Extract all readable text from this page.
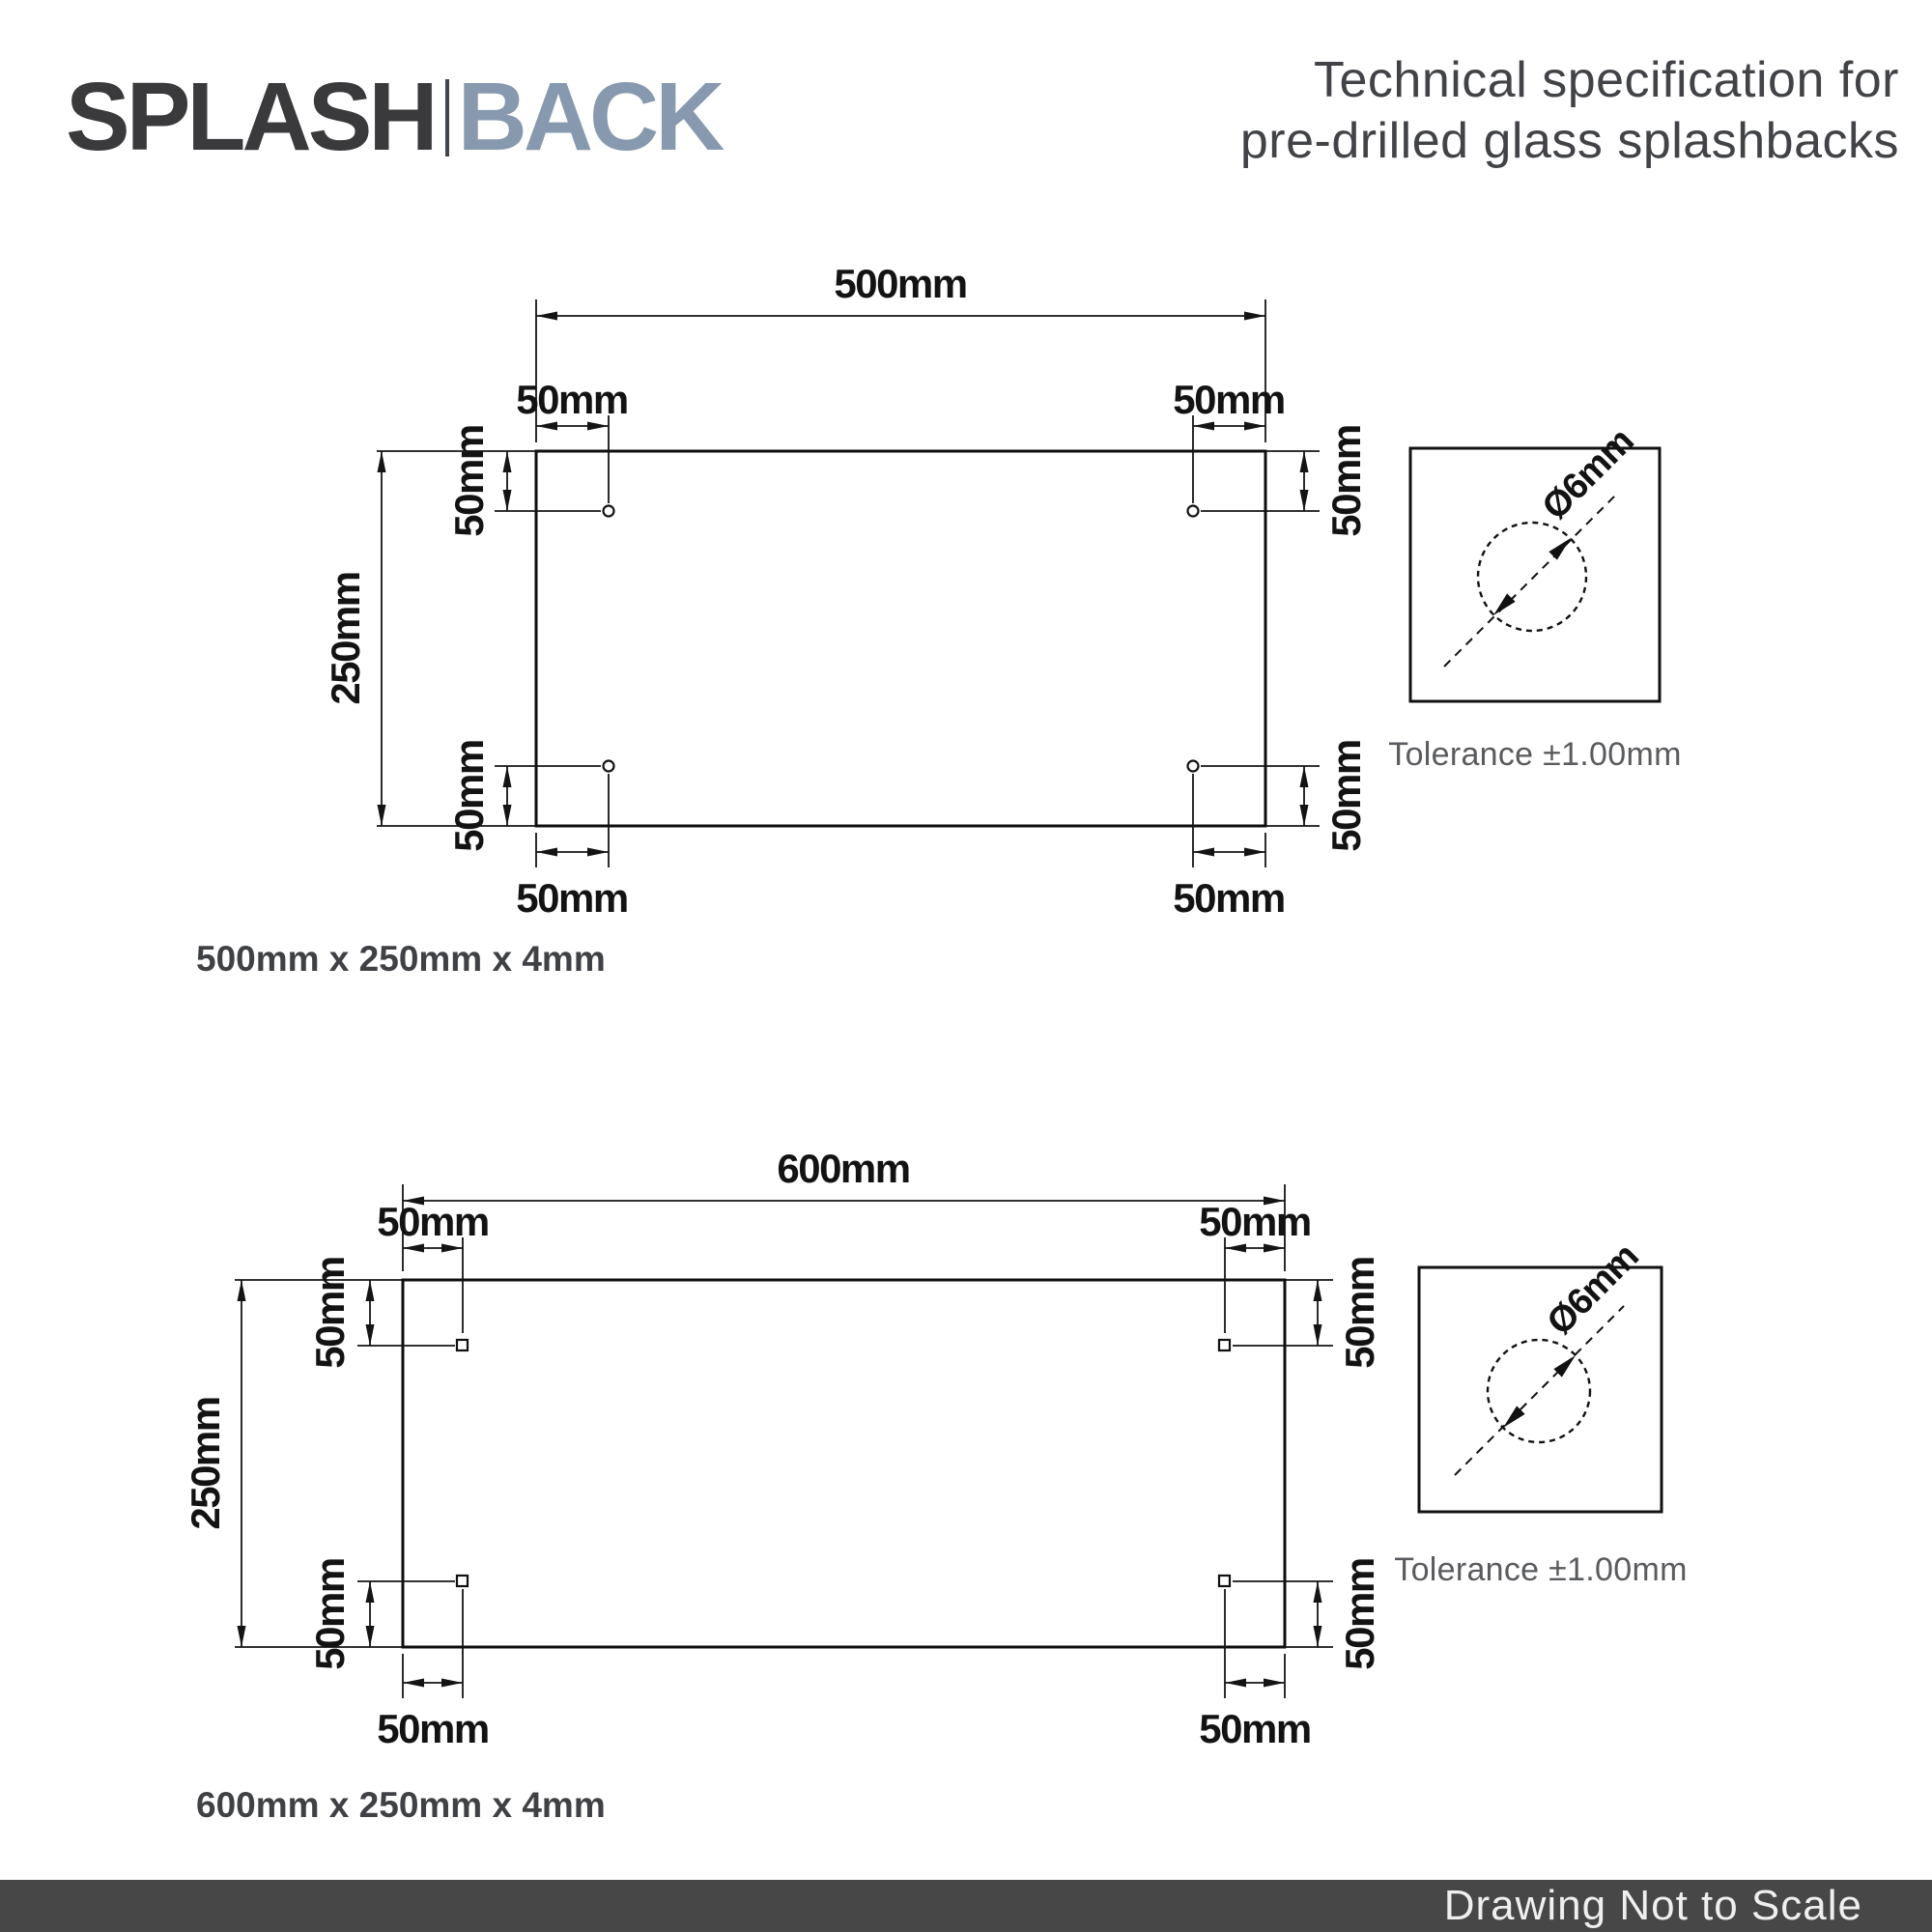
SPLASH BACK	Technical specification for
pre-drilled glass splashbacks
500mm
50mm	50mm
250mm
50mm
50mm
50mm
50mm
50mm	50mm
Ø6mm
600mm
50mm	50mm
250mm
50mm
50mm
50mm
50mm
50mm	50mm
Ø6mm
500mm x 250mm x 4mm
600mm x 250mm x 4mm
Tolerance ±1.00mm
Tolerance ±1.00mm
Drawing Not to Scale
